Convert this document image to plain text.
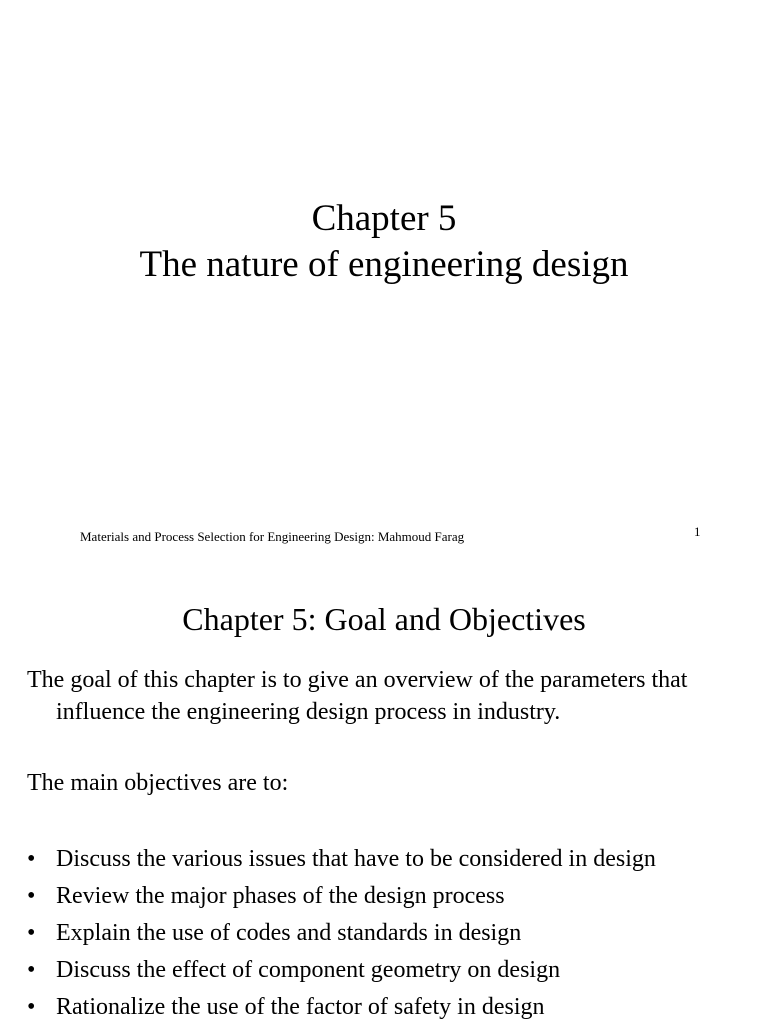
Chapter 5
The nature of engineering design
Materials and Process Selection for Engineering Design: Mahmoud Farag	1
Chapter 5: Goal and Objectives

The goal of this chapter is to give an overview of the parameters that influence the engineering design process in industry.

The main objectives are to:

• Discuss the various issues that have to be considered in design
• Review the major phases of the design process
• Explain the use of codes and standards in design
• Discuss the effect of component geometry on design
• Rationalize the use of the factor of safety in design
